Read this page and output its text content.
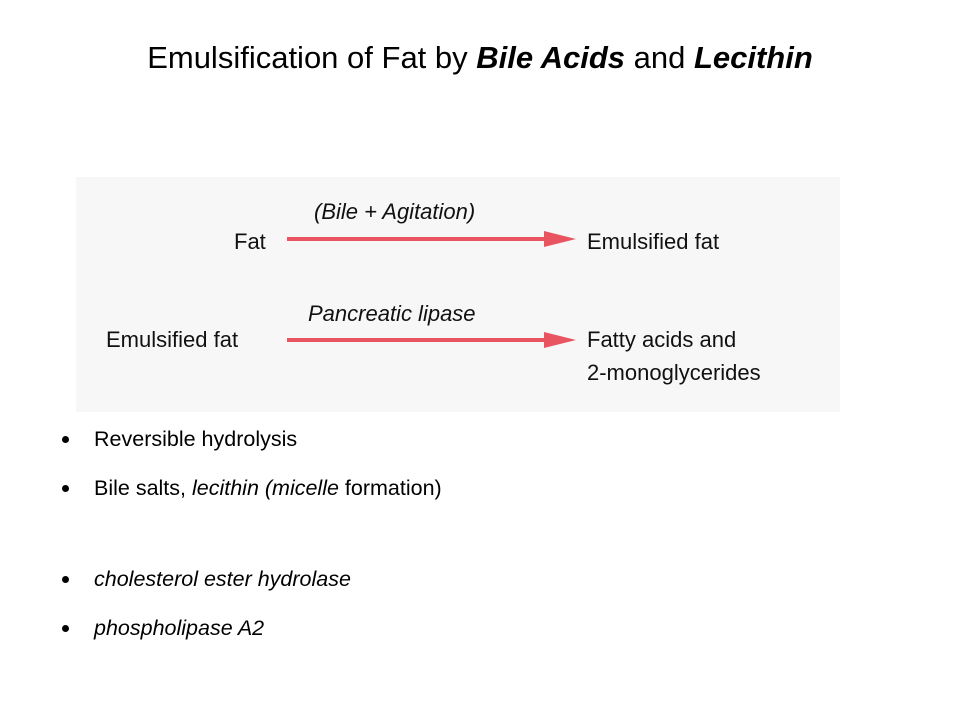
Emulsification of Fat by Bile Acids and Lecithin
Fat
(Bile + Agitation)
Emulsified fat
Emulsified fat
Pancreatic lipase
Fatty acids and
2-monoglycerides
Reversible hydrolysis
Bile salts, lecithin (micelle formation)
cholesterol ester hydrolase
phospholipase A2
